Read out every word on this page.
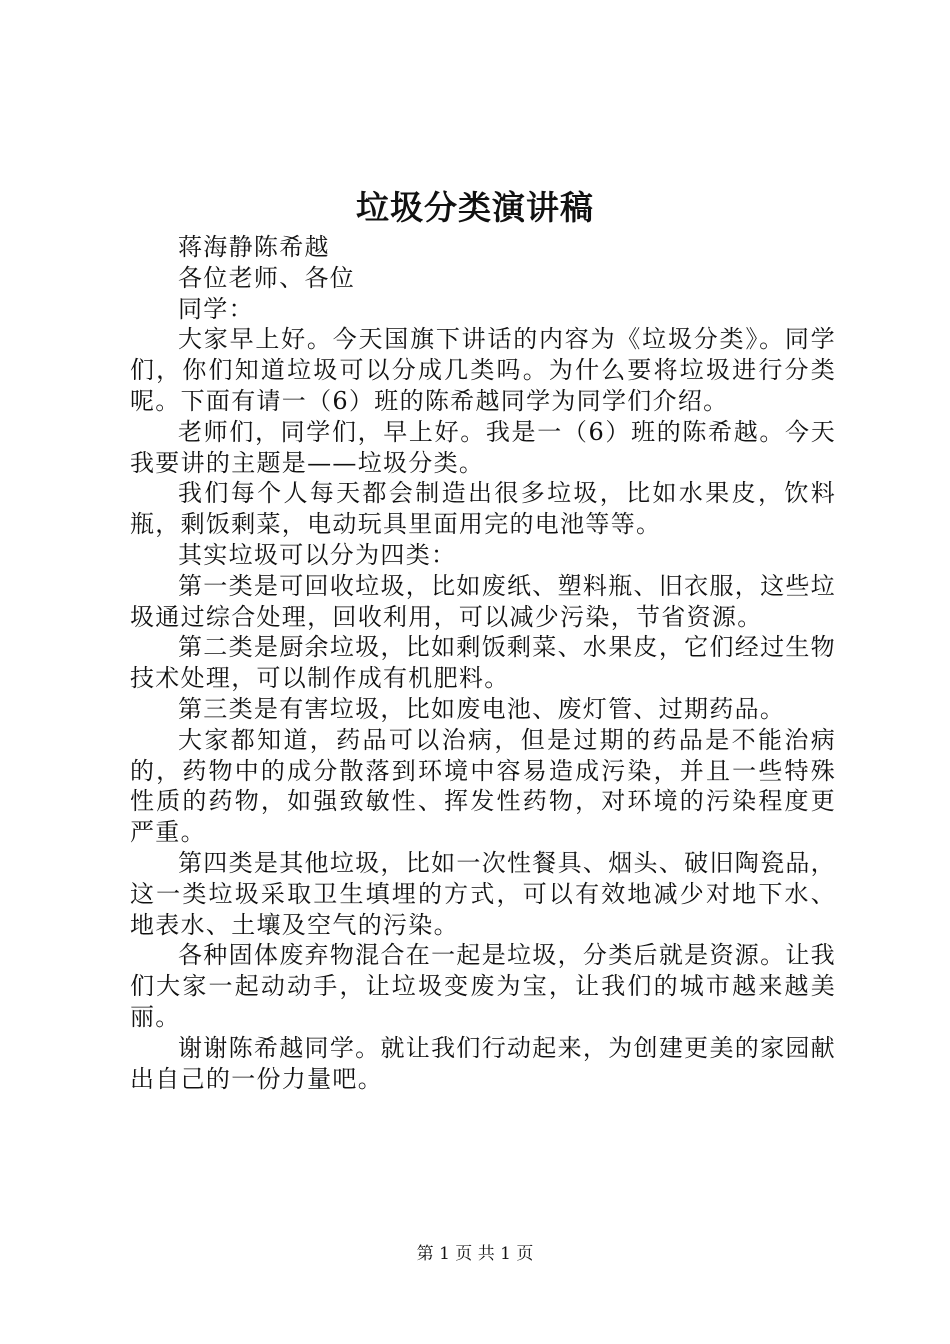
垃圾分类演讲稿

蒋海静陈希越

各位老师、各位

同学：

大家早上好。今天国旗下讲话的内容为《垃圾分类》。同学们，你们知道垃圾可以分成几类吗。为什么要将垃圾进行分类呢。下面有请一（6）班的陈希越同学为同学们介绍。

老师们，同学们，早上好。我是一（6）班的陈希越。今天我要讲的主题是——垃圾分类。

我们每个人每天都会制造出很多垃圾，比如水果皮，饮料瓶，剩饭剩菜，电动玩具里面用完的电池等等。

其实垃圾可以分为四类：

第一类是可回收垃圾，比如废纸、塑料瓶、旧衣服，这些垃圾通过综合处理，回收利用，可以减少污染，节省资源。

第二类是厨余垃圾，比如剩饭剩菜、水果皮，它们经过生物技术处理，可以制作成有机肥料。

第三类是有害垃圾，比如废电池、废灯管、过期药品。

大家都知道，药品可以治病，但是过期的药品是不能治病的，药物中的成分散落到环境中容易造成污染，并且一些特殊性质的药物，如强致敏性、挥发性药物，对环境的污染程度更严重。

第四类是其他垃圾，比如一次性餐具、烟头、破旧陶瓷品，这一类垃圾采取卫生填埋的方式，可以有效地减少对地下水、地表水、土壤及空气的污染。

各种固体废弃物混合在一起是垃圾，分类后就是资源。让我们大家一起动动手，让垃圾变废为宝，让我们的城市越来越美丽。

谢谢陈希越同学。就让我们行动起来，为创建更美的家园献出自己的一份力量吧。

第 1 页 共 1 页
